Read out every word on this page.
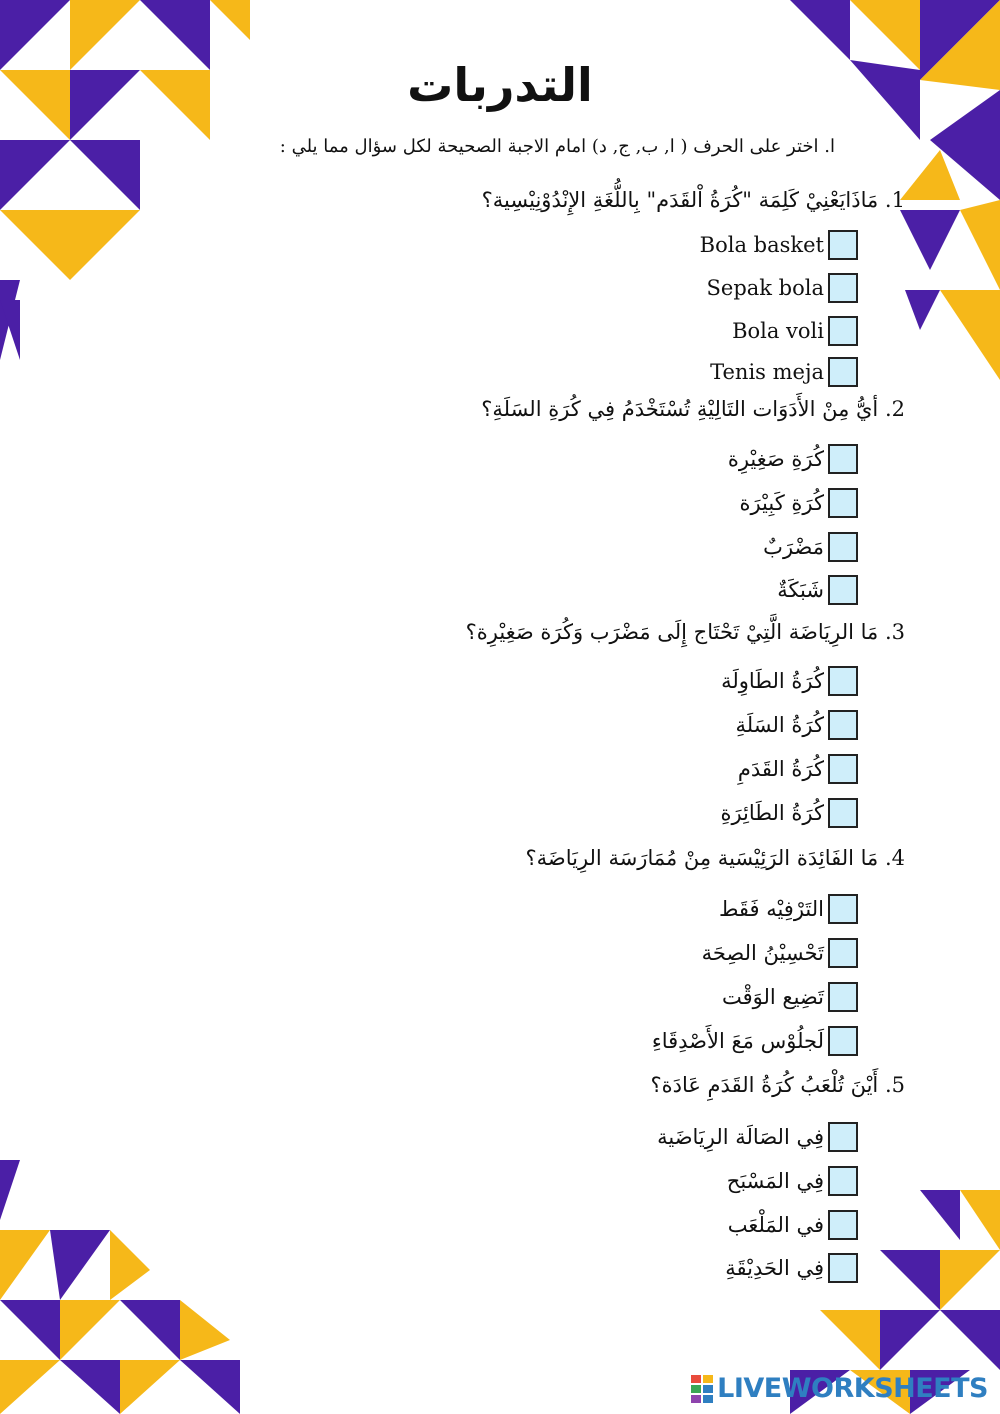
التدربات
ا. اختر على الحرف ( ا, ب, ج, د) امام الاجبة الصحيحة لكل سؤال مما يلي :
1. مَاذَايَعْنِيْ كَلِمَة "كُرَةُ اْلقَدَم" بِاللُّغَةِ الإِنْدُوْنِيْسِية؟
Bola basket
Sepak bola
Bola voli
Tenis meja
2. أيُّ مِنْ الأَدَوَات التَالِيْةِ تُسْتَخْدَمُ فِي كُرَةِ السَلَةِ؟
كُرَةِ صَغِيْرِة
كُرَةِ كَبِيْرَة
مَضْرَبٌ
شَبَكَةٌ
3. مَا الرِيَاضَة الَّتِيْ تَحْتَاج إِلَى مَضْرَب وَكُرَة صَغِيْرِة؟
كُرَةُ الطَاوِلَة
كُرَةُ السَلَةِ
كُرَةُ القَدَمِ
كُرَةُ الطَائِرَةِ
4. مَا الفَائِدَة الرَئِيْسَية مِنْ مُمَارَسَة الرِيَاضَة؟
التَرْفِيْه فَقَط
تَحْسِيْنُ الصِحَة
تَضِيع الوَقْت
لَجلُوْس مَعَ الأَصْدِقَاءِ
5. أَيْنَ تُلْعَبُ كُرَةُ القَدَمِ عَادَة؟
فِي الصَالَة الرِيَاضَية
فِي المَسْبَح
في المَلْعَب
فِي الحَدِيْقَةِ
LIVEWORKSHEETS
